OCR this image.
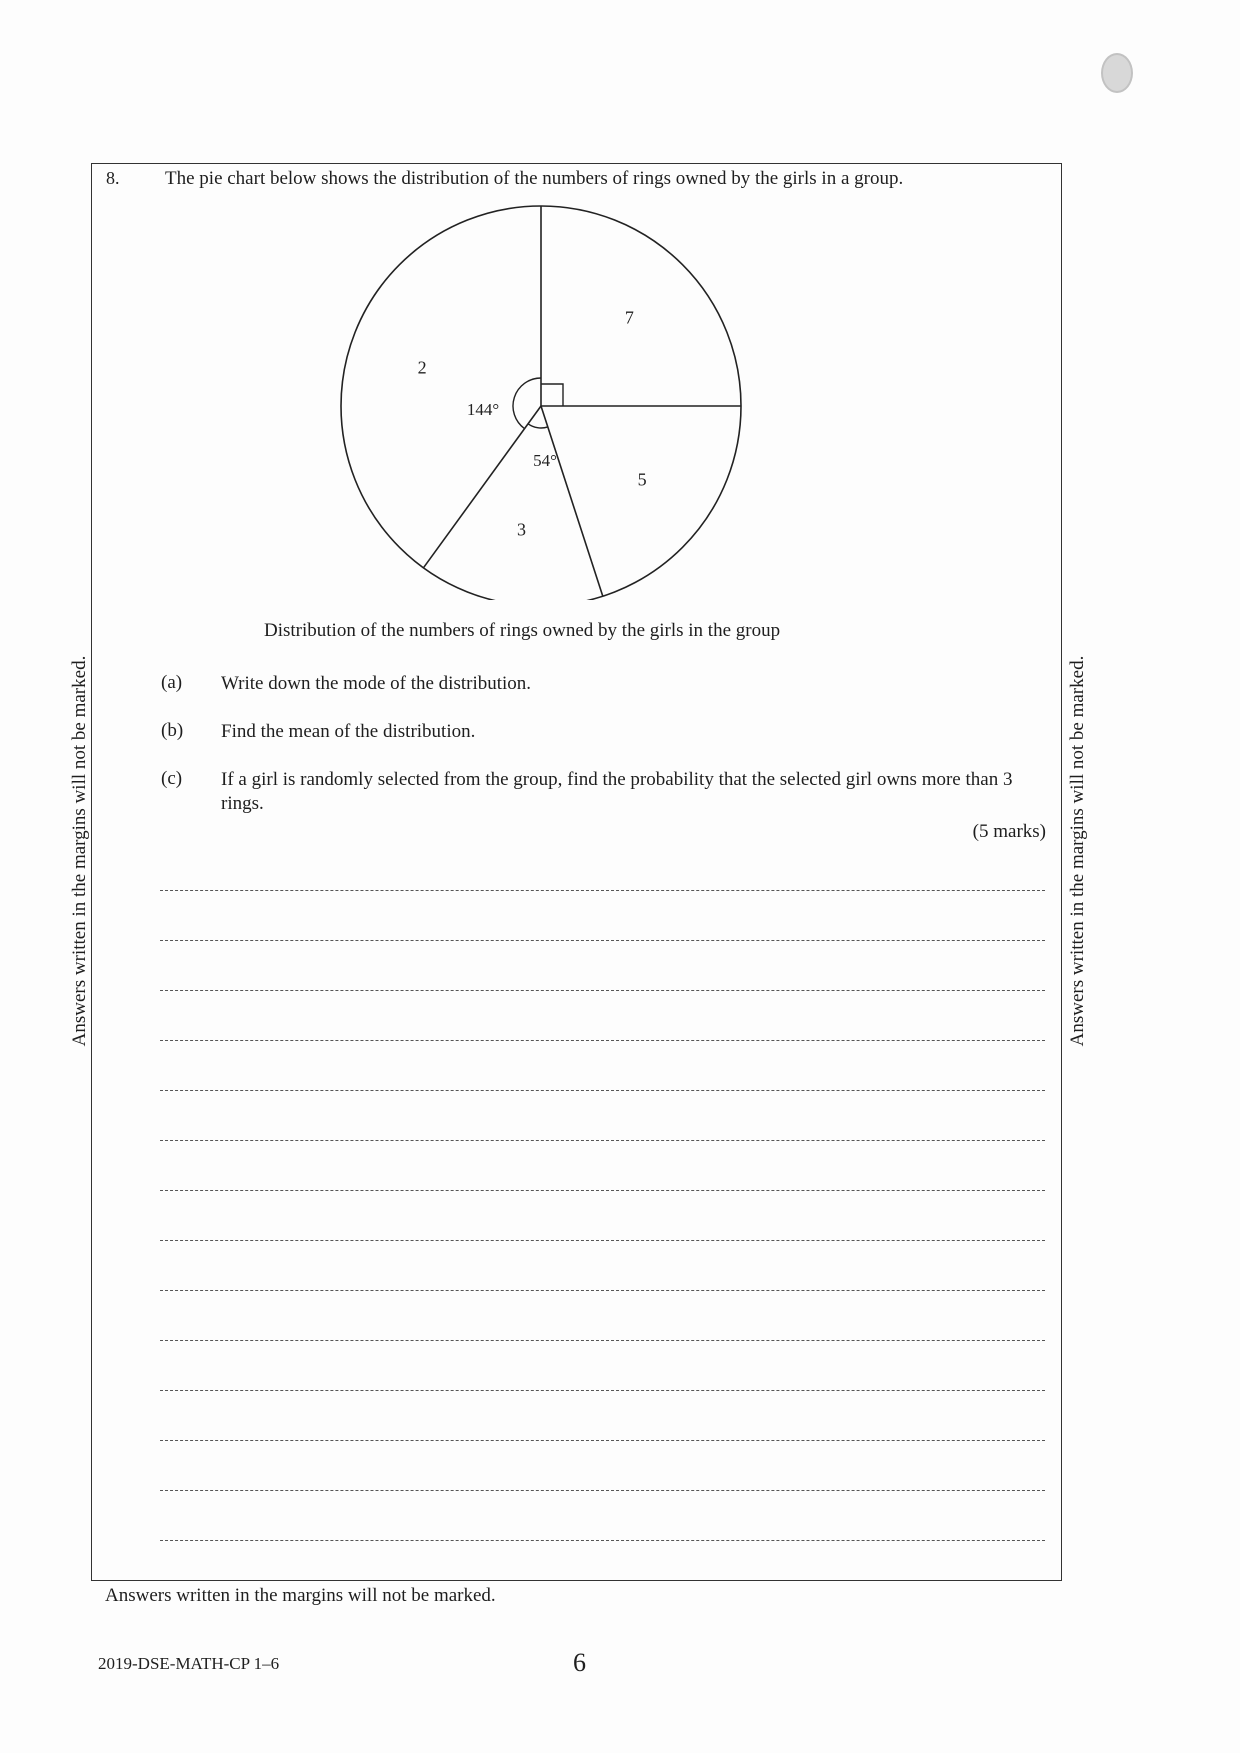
8. The pie chart below shows the distribution of the numbers of rings owned by the girls in a group.
7
5
3
2
144°
54°
Distribution of the numbers of rings owned by the girls in the group
(a) Write down the mode of the distribution.
(b) Find the mean of the distribution.
(c) If a girl is randomly selected from the group, find the probability that the selected girl owns more than 3 rings.
(5 marks)
Answers written in the margins will not be marked.	Answers written in the margins will not be marked.
Answers written in the margins will not be marked.
2019-DSE-MATH-CP 1–6	6
